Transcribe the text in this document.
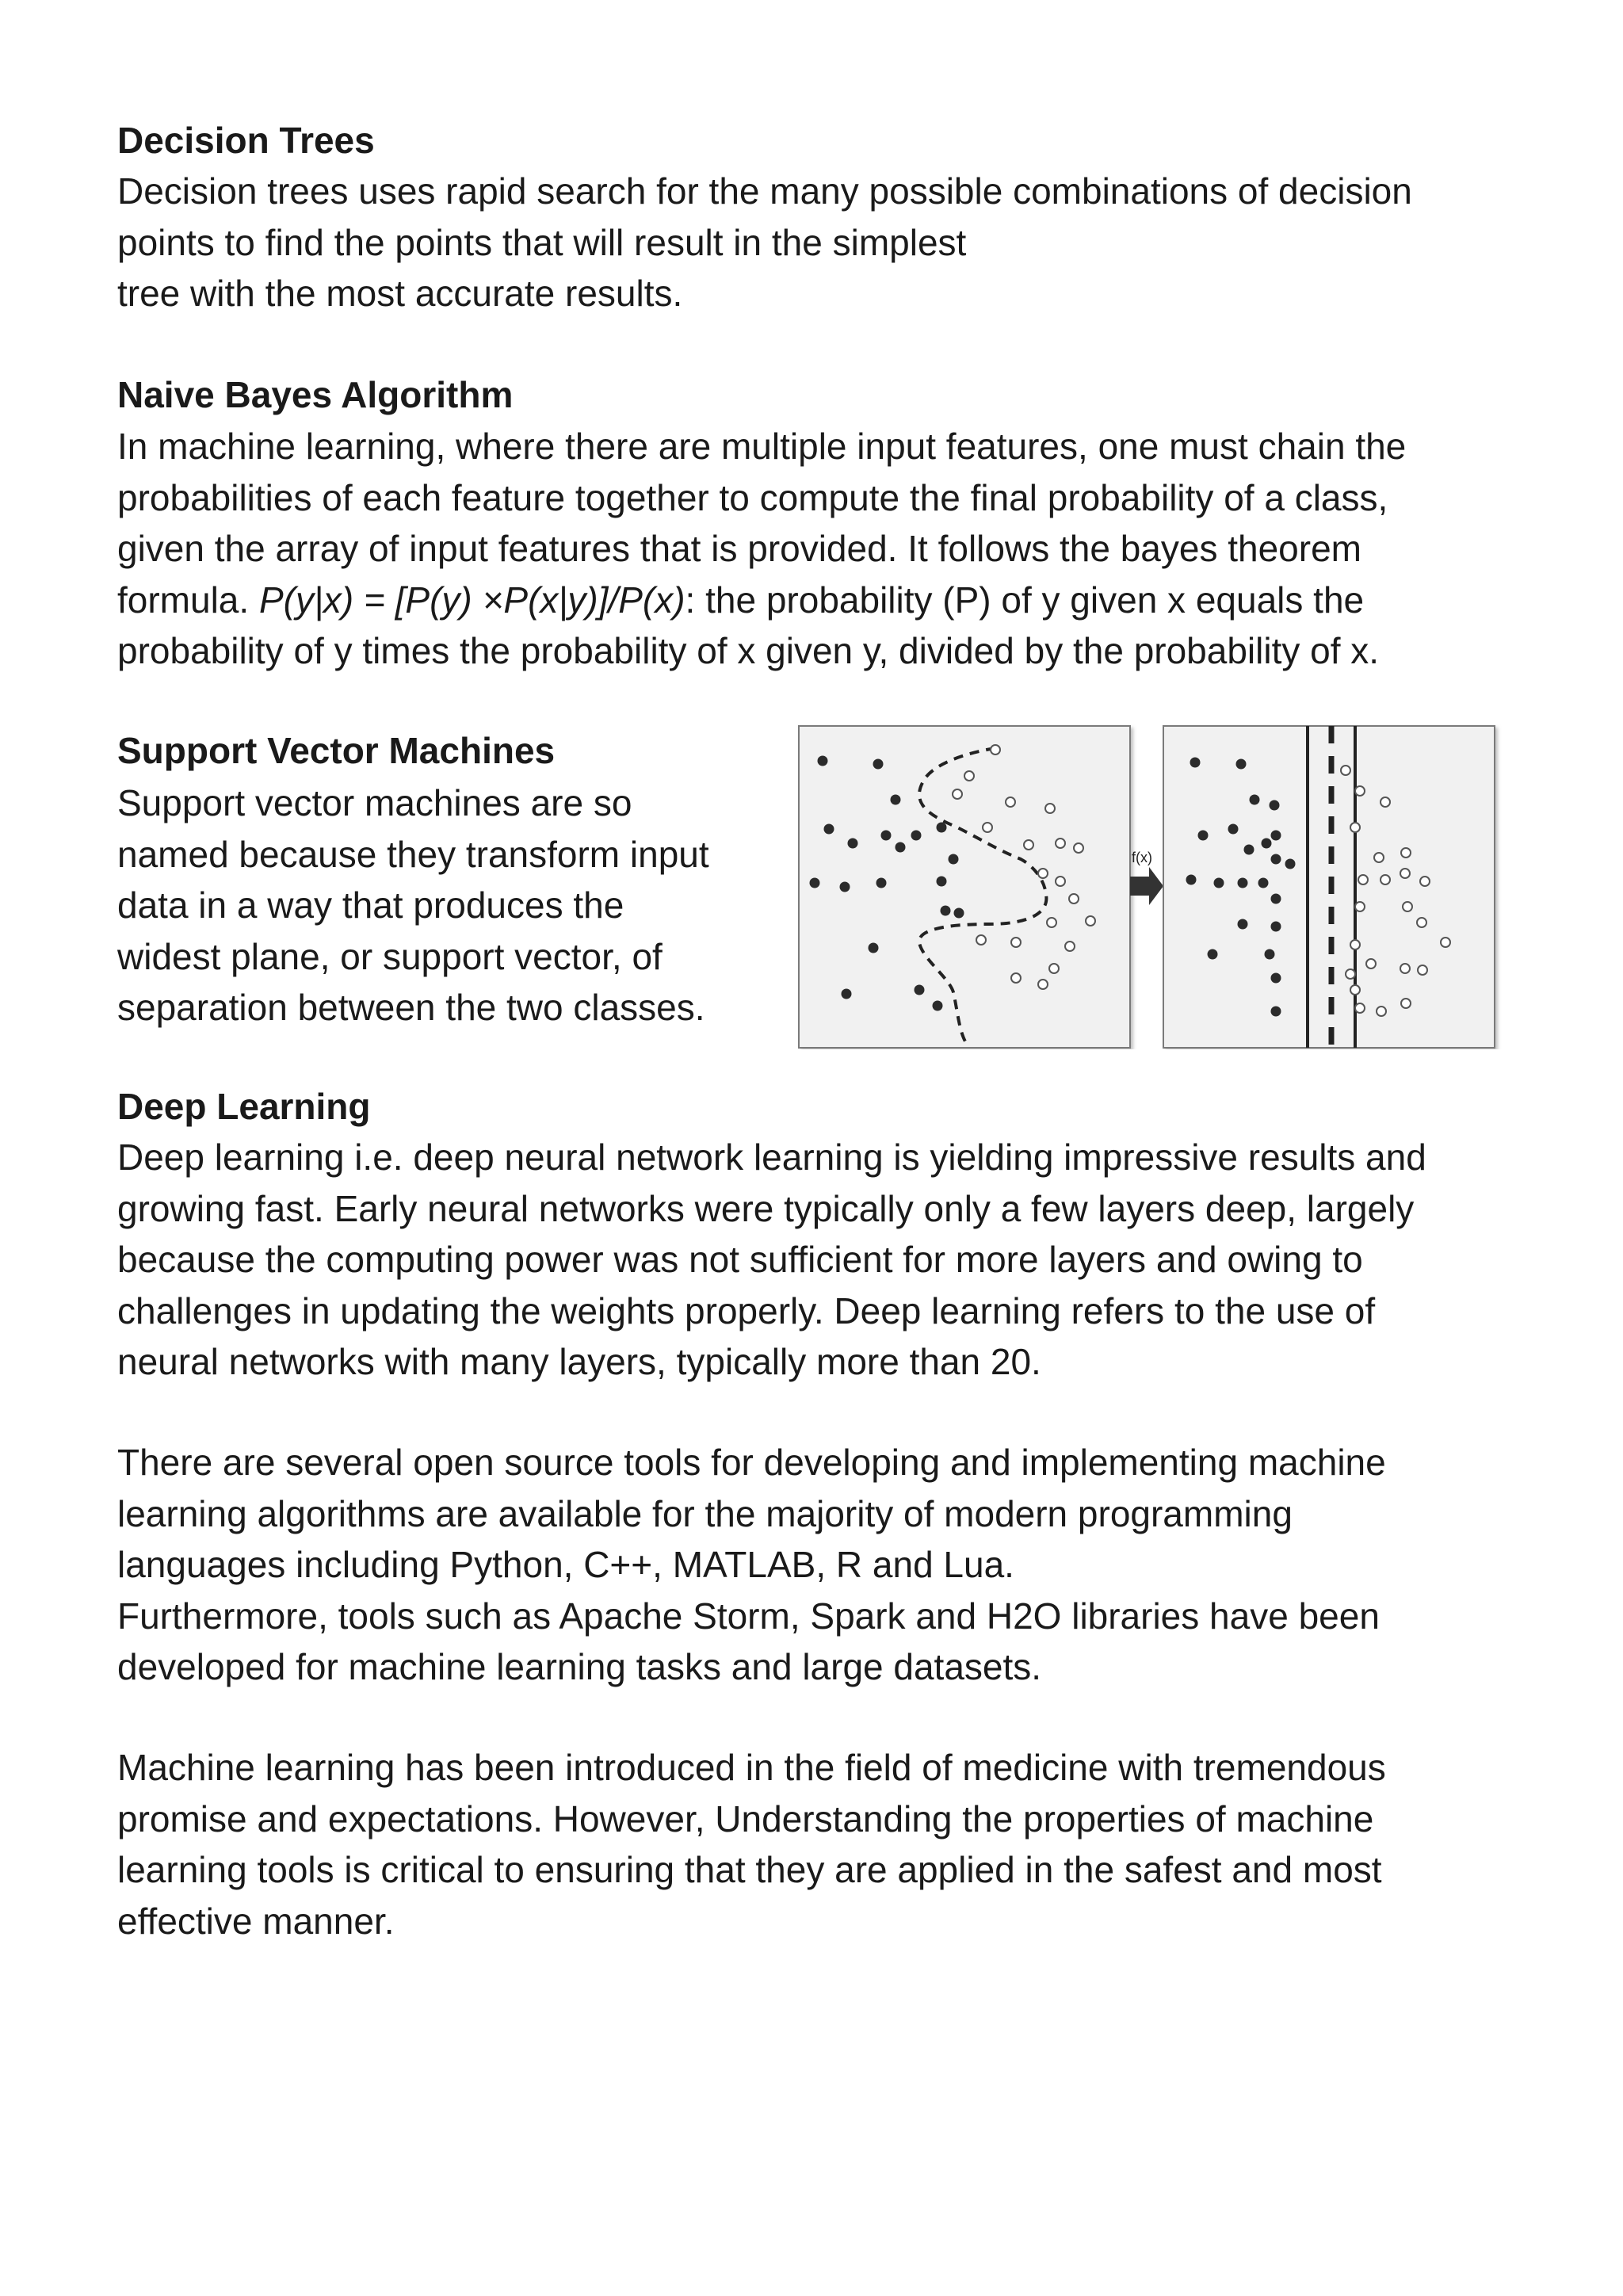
Decision Trees

Decision trees uses rapid search for the many possible combinations of decision
points to find the points that will result in the simplest
tree with the most accurate results.

Naive Bayes Algorithm

In machine learning, where there are multiple input features, one must chain the
probabilities of each feature together to compute the final probability of a class,
given the array of input features that is provided. It follows the bayes theorem
formula. P(y|x) = [P(y) ×P(x|y)]/P(x): the probability (P) of y given x equals the
probability of y times the probability of x given y, divided by the probability of x.

Support Vector Machines

Support vector machines are so
named because they transform input
data in a way that produces the
widest plane, or support vector, of
separation between the two classes.

f(x)
Deep Learning

Deep learning i.e. deep neural network learning is yielding impressive results and
growing fast. Early neural networks were typically only a few layers deep, largely
because the computing power was not sufficient for more layers and owing to
challenges in updating the weights properly. Deep learning refers to the use of
neural networks with many layers, typically more than 20.

There are several open source tools for developing and implementing machine
learning algorithms are available for the majority of modern programming
languages including Python, C++, MATLAB, R and Lua.
Furthermore, tools such as Apache Storm, Spark and H2O libraries have been
developed for machine learning tasks and large datasets.

Machine learning has been introduced in the field of medicine with tremendous
promise and expectations. However, Understanding the properties of machine
learning tools is critical to ensuring that they are applied in the safest and most
effective manner.
